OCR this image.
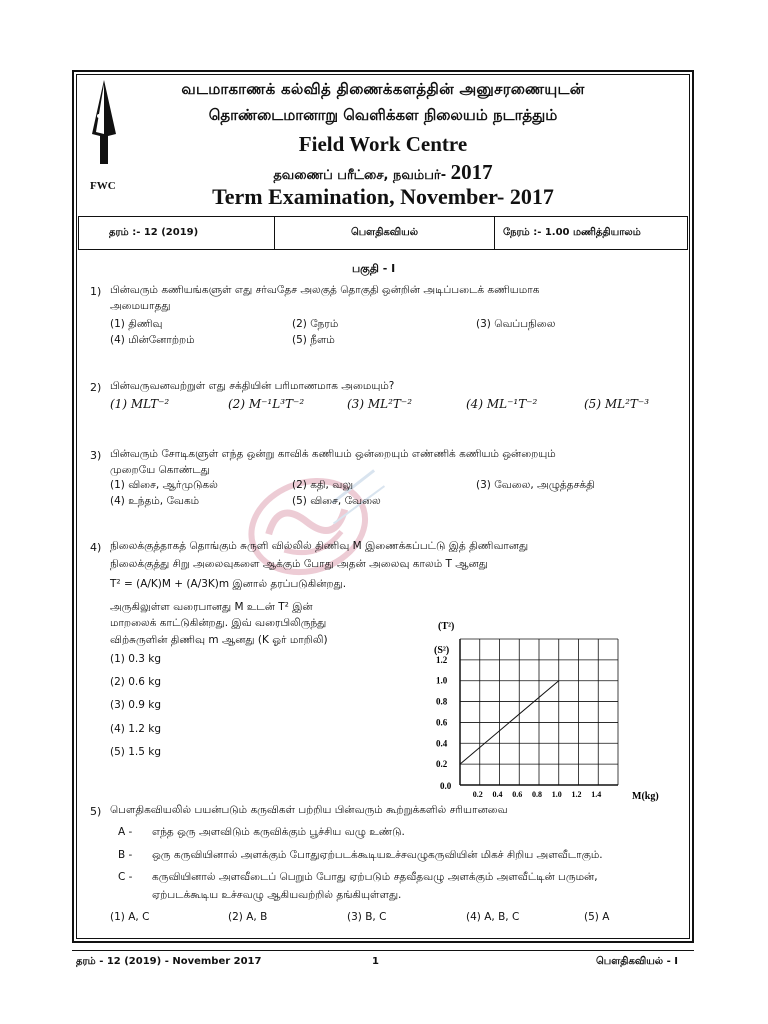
FWC
வடமாகாணக் கல்வித் திணைக்களத்தின் அனுசரணையுடன்
தொண்டைமானாறு வெளிக்கள நிலையம் நடாத்தும்
Field Work Centre
தவணைப் பரீட்சை, நவம்பர்- 2017
Term Examination, November- 2017
தரம் :- 12 (2019)	பௌதிகவியல்	நேரம் :- 1.00 மணித்தியாலம்
பகுதி - I
1) பின்வரும் கணியங்களுள் எது சர்வதேச அலகுத் தொகுதி ஒன்றின் அடிப்படைக் கணியமாக
அமையாதது
(1) திணிவு	(2) நேரம்	(3) வெப்பநிலை
(4) மின்னோற்றம்	(5) நீளம்
2) பின்வருவனவற்றுள் எது சக்தியின் பரிமாணமாக அமையும்?
(1) MLT⁻²	(2) M⁻¹L³T⁻²	(3) ML²T⁻²	(4) ML⁻¹T⁻²	(5) ML²T⁻³
3) பின்வரும் சோடிகளுள் எந்த ஒன்று காவிக் கணியம் ஒன்றையும் எண்ணிக் கணியம் ஒன்றையும்
முறையே கொண்டது
(1) விசை, ஆர்முடுகல்	(2) கதி, வலு	(3) வேலை, அழுத்தசக்தி
(4) உந்தம், வேகம்	(5) விசை, வேலை
4) நிலைக்குத்தாகத் தொங்கும் சுருளி வில்லில் திணிவு M இணைக்கப்பட்டு இத் திணிவானது
நிலைக்குத்து சிறு அலைவுகளை ஆக்கும் போது அதன் அலைவு காலம் T ஆனது
T² = (A/K)M + (A/3K)m இனால் தரப்படுகின்றது.
அருகிலுள்ள வரைபானது M உடன் T² இன்
மாறலைக் காட்டுகின்றது. இவ் வரைபிலிருந்து
விற்சுருளின் திணிவு m ஆனது (K ஓர் மாறிலி)
(1) 0.3 kg
(2) 0.6 kg
(3) 0.9 kg
(4) 1.2 kg
(5) 1.5 kg
(T²)
(S²)
0.2
0.4
0.6
0.8
1.0
1.2
0.2 0.4 0.6 0.8 1.0 1.2 1.4
0.0
M(kg)
5) பௌதிகவியலில் பயன்படும் கருவிகள் பற்றிய பின்வரும் கூற்றுக்களில் சரியானவை
A - எந்த ஒரு அளவிடும் கருவிக்கும் பூச்சிய வழு உண்டு.
B - ஒரு கருவியினால் அளக்கும் போதுஏற்படக்கூடியஉச்சவழுகருவியின் மிகச் சிறிய அளவீடாகும்.
C - கருவியினால் அளவீடைப் பெறும் போது ஏற்படும் சதவீதவழு அளக்கும் அளவீட்டின் பருமன்,
ஏற்படக்கூடிய உச்சவழு ஆகியவற்றில் தங்கியுள்ளது.
(1) A, C	(2) A, B	(3) B, C	(4) A, B, C	(5) A
தரம் - 12 (2019) - November 2017	1	பௌதிகவியல் - I
